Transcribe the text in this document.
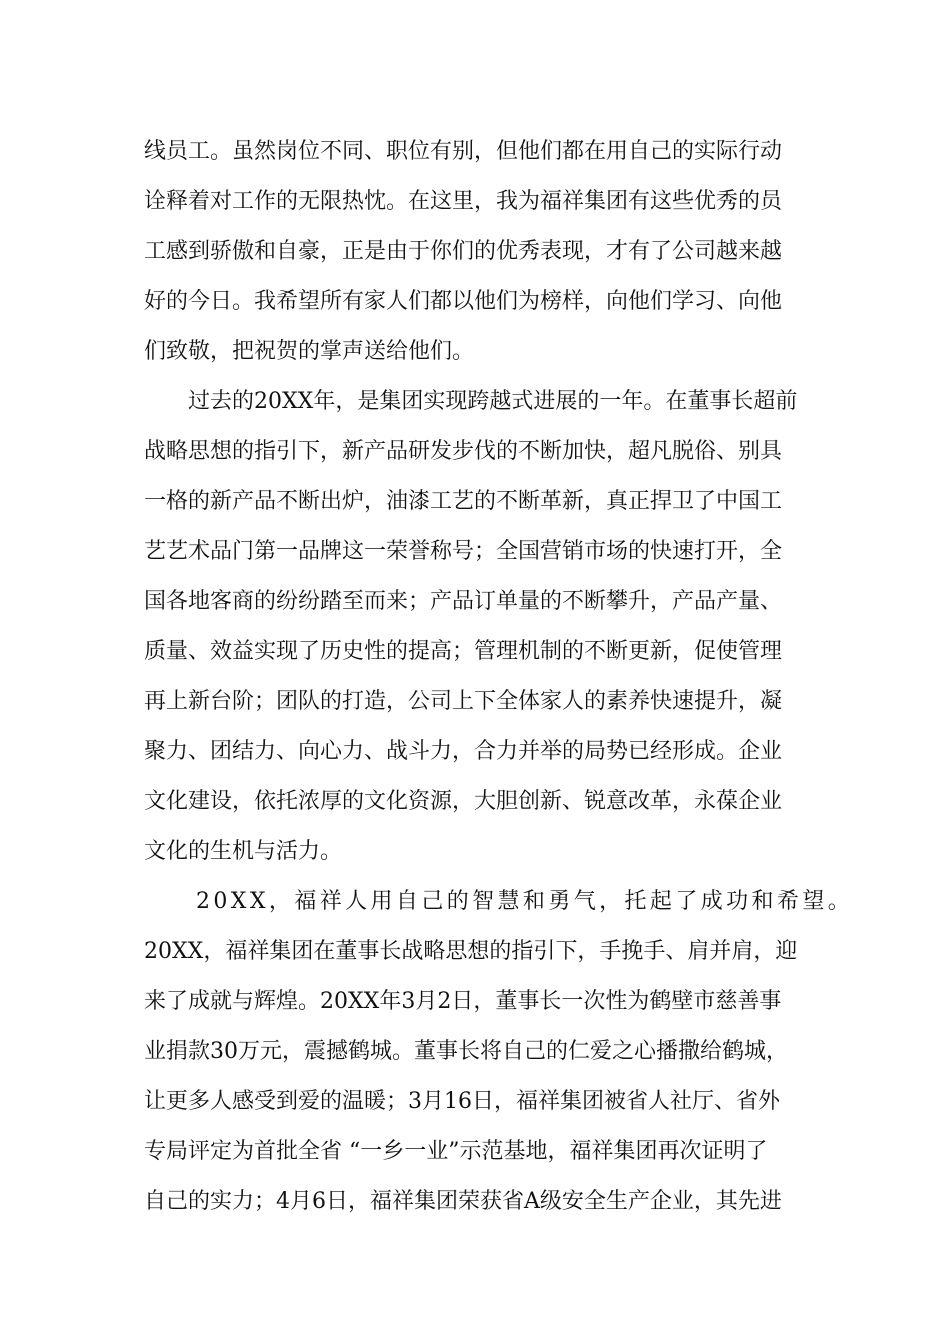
线员工。虽然岗位不同、职位有别，但他们都在用自己的实际行动
诠释着对工作的无限热忱。在这里，我为福祥集团有这些优秀的员
工感到骄傲和自豪，正是由于你们的优秀表现，才有了公司越来越
好的今日。我希望所有家人们都以他们为榜样，向他们学习、向他
们致敬，把祝贺的掌声送给他们。
过去的20XX年，是集团实现跨越式进展的一年。在董事长超前
战略思想的指引下，新产品研发步伐的不断加快，超凡脱俗、别具
一格的新产品不断出炉，油漆工艺的不断革新，真正捍卫了中国工
艺艺术品门第一品牌这一荣誉称号；全国营销市场的快速打开，全
国各地客商的纷纷踏至而来；产品订单量的不断攀升，产品产量、
质量、效益实现了历史性的提高；管理机制的不断更新，促使管理
再上新台阶；团队的打造，公司上下全体家人的素养快速提升，凝
聚力、团结力、向心力、战斗力，合力并举的局势已经形成。企业
文化建设，依托浓厚的文化资源，大胆创新、锐意改革，永葆企业
文化的生机与活力。
20XX，福祥人用自己的智慧和勇气，托起了成功和希望。
20XX，福祥集团在董事长战略思想的指引下，手挽手、肩并肩，迎
来了成就与辉煌。20XX年3月2日，董事长一次性为鹤壁市慈善事
业捐款30万元，震撼鹤城。董事长将自己的仁爱之心播撒给鹤城，
让更多人感受到爱的温暖；3月16日，福祥集团被省人社厅、省外
专局评定为首批全省 “一乡一业”示范基地，福祥集团再次证明了
自己的实力；4月6日，福祥集团荣获省A级安全生产企业，其先进
